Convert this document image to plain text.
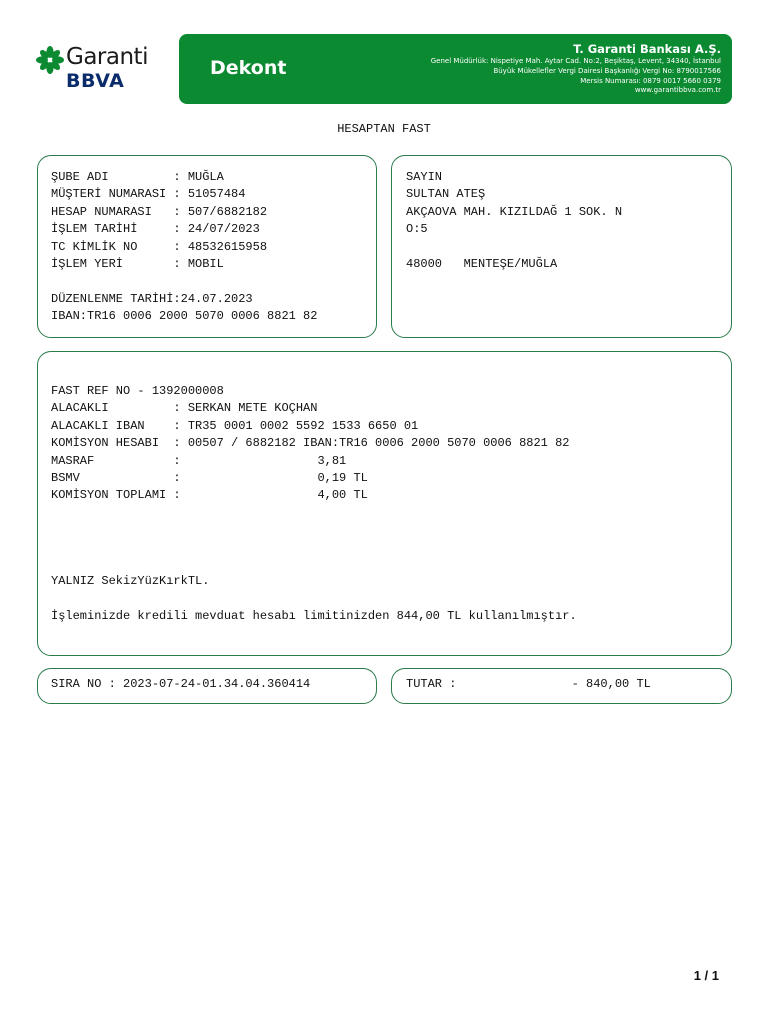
Garanti
BBVA
Dekont
T. Garanti Bankası A.Ş.
Genel Müdürlük: Nispetiye Mah. Aytar Cad. No:2, Beşiktaş, Levent, 34340, İstanbul
Büyük Mükellefler Vergi Dairesi Başkanlığı Vergi No: 8790017566
Mersis Numarası: 0879 0017 5660 0379
www.garantibbva.com.tr
HESAPTAN FAST
ŞUBE ADI         : MUĞLA
MÜŞTERİ NUMARASI : 51057484
HESAP NUMARASI   : 507/6882182
İŞLEM TARİHİ     : 24/07/2023
TC KİMLİK NO     : 48532615958
İŞLEM YERİ       : MOBIL
DÜZENLENME TARİHİ:24.07.2023
IBAN:TR16 0006 2000 5070 0006 8821 82
SAYIN
SULTAN ATEŞ
AKÇAOVA MAH. KIZILDAĞ 1 SOK. N
O:5
48000   MENTEŞE/MUĞLA
FAST REF NO - 1392000008
ALACAKLI         : SERKAN METE KOÇHAN
ALACAKLI IBAN    : TR35 0001 0002 5592 1533 6650 01
KOMİSYON HESABI  : 00507 / 6882182 IBAN:TR16 0006 2000 5070 0006 8821 82
MASRAF           :                   3,81
BSMV             :                   0,19 TL
KOMİSYON TOPLAMI :                   4,00 TL
YALNIZ SekizYüzKırkTL.
İşleminizde kredili mevduat hesabı limitinizden 844,00 TL kullanılmıştır.
SIRA NO : 2023-07-24-01.34.04.360414	TUTAR :                - 840,00 TL
1 / 1
